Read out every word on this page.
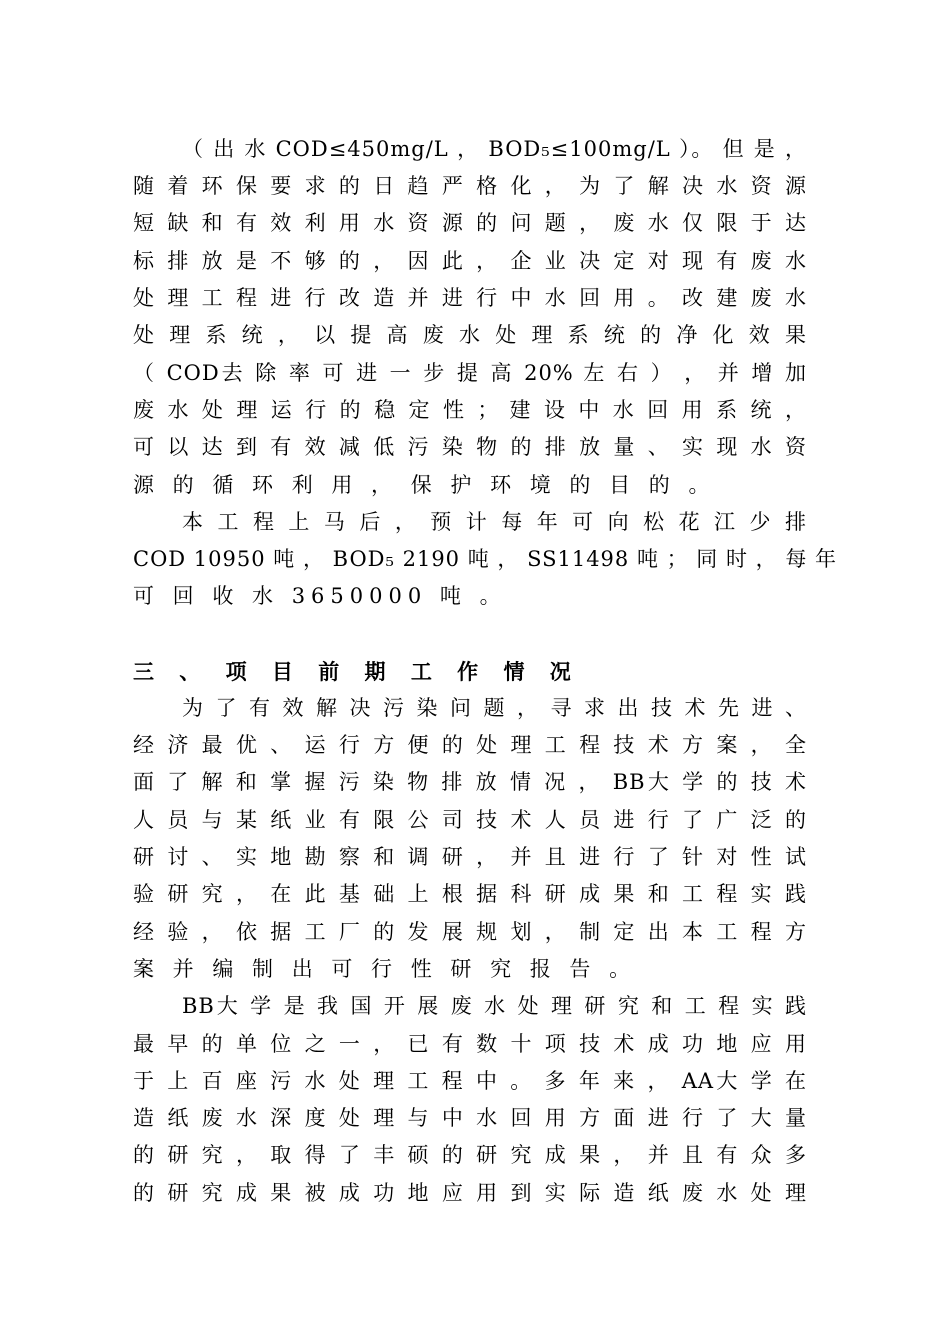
（ 出 水 COD≤450mg/L ， BOD₅≤100mg/L ）。 但 是 ，
随 着 环 保 要 求 的 日 趋 严 格 化 ， 为 了 解 决 水 资 源
短 缺 和 有 效 利 用 水 资 源 的 问 题 ， 废 水 仅 限 于 达
标 排 放 是 不 够 的 ， 因 此 ， 企 业 决 定 对 现 有 废 水
处 理 工 程 进 行 改 造 并 进 行 中 水 回 用 。 改 建 废 水
处 理 系 统 ， 以 提 高 废 水 处 理 系 统 的 净 化 效 果
（ COD去 除 率 可 进 一 步 提 高 20% 左 右 ） ， 并 增 加
废 水 处 理 运 行 的 稳 定 性 ； 建 设 中 水 回 用 系 统 ，
可 以 达 到 有 效 减 低 污 染 物 的 排 放 量 、 实 现 水 资
源 的 循 环 利 用 ， 保 护 环 境 的 目 的 。
本 工 程 上 马 后 ， 预 计 每 年 可 向 松 花 江 少 排
COD 10950 吨 ， BOD₅ 2190 吨 ， SS11498 吨 ； 同 时 ， 每 年
可 回 收 水 3650000 吨 。
三 、 项 目 前 期 工 作 情 况
为 了 有 效 解 决 污 染 问 题 ， 寻 求 出 技 术 先 进 、
经 济 最 优 、 运 行 方 便 的 处 理 工 程 技 术 方 案 ， 全
面 了 解 和 掌 握 污 染 物 排 放 情 况 ， BB大 学 的 技 术
人 员 与 某 纸 业 有 限 公 司 技 术 人 员 进 行 了 广 泛 的
研 讨 、 实 地 勘 察 和 调 研 ， 并 且 进 行 了 针 对 性 试
验 研 究 ， 在 此 基 础 上 根 据 科 研 成 果 和 工 程 实 践
经 验 ， 依 据 工 厂 的 发 展 规 划 ， 制 定 出 本 工 程 方
案 并 编 制 出 可 行 性 研 究 报 告 。
BB大 学 是 我 国 开 展 废 水 处 理 研 究 和 工 程 实 践
最 早 的 单 位 之 一 ， 已 有 数 十 项 技 术 成 功 地 应 用
于 上 百 座 污 水 处 理 工 程 中 。 多 年 来 ， AA大 学 在
造 纸 废 水 深 度 处 理 与 中 水 回 用 方 面 进 行 了 大 量
的 研 究 ， 取 得 了 丰 硕 的 研 究 成 果 ， 并 且 有 众 多
的 研 究 成 果 被 成 功 地 应 用 到 实 际 造 纸 废 水 处 理
